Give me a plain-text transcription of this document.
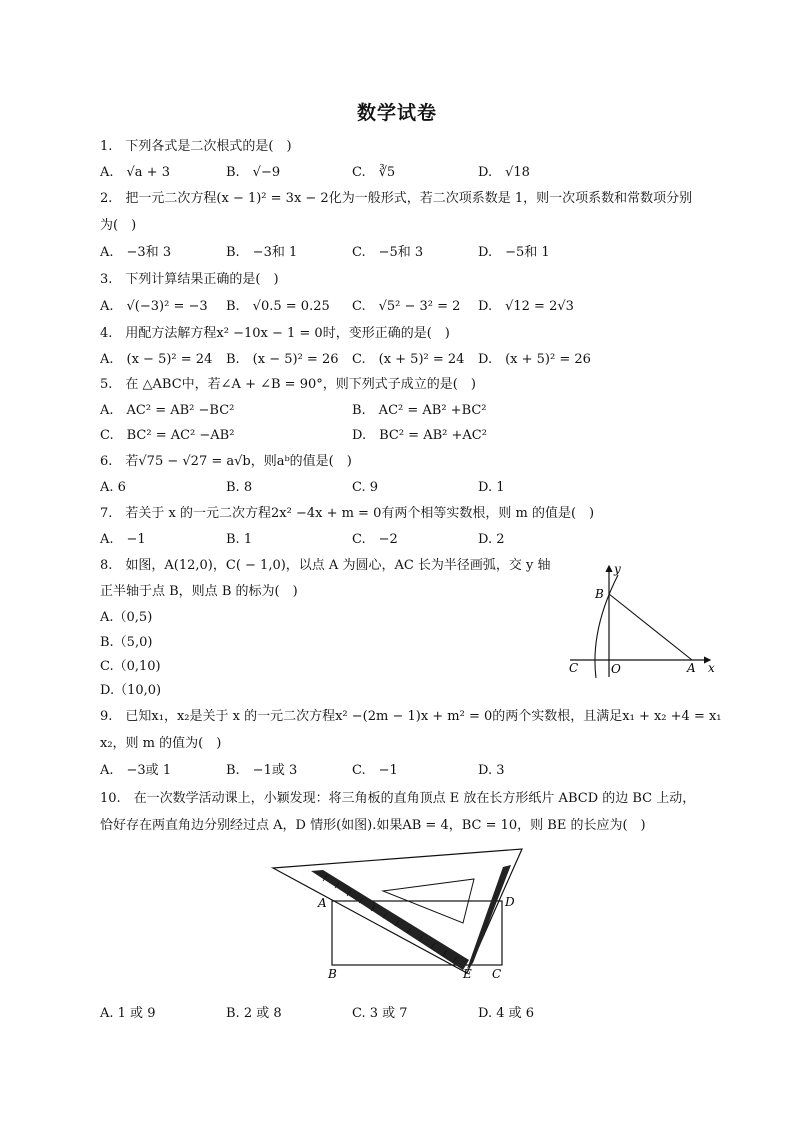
数学试卷
1.　下列各式是二次根式的是(　)
A.　√a + 3	B.　√−9	C.　∛5	D.　√18
2.　把一元二次方程(x − 1)² = 3x − 2化为一般形式，若二次项系数是 1，则一次项系数和常数项分别
为(　)
A.　−3和 3	B.　−3和 1	C.　−5和 3	D.　−5和 1
3.　下列计算结果正确的是(　)
A.　√(−3)² = −3 B.　√0.5 = 0.25 C.　√5² − 3² = 2 D.　√12 = 2√3
4.　用配方法解方程x² −10x − 1 = 0时，变形正确的是(　)
A.　(x − 5)² = 24 B.　(x − 5)² = 26 C.　(x + 5)² = 24 D.　(x + 5)² = 26
5.　在 △ABC中，若∠A + ∠B = 90°，则下列式子成立的是(　)
A.　AC² = AB² −BC²	B.　AC² = AB² +BC²
C.　BC² = AC² −AB²	D.　BC² = AB² +AC²
6.　若√75 − √27 = a√b，则aᵇ的值是(　)
A. 6	B. 8	C. 9	D. 1
7.　若关于 x 的一元二次方程2x² −4x + m = 0有两个相等实数根，则 m 的值是(　)
A.　−1	B. 1	C.　−2	D. 2
8.　如图，A(12,0)，C( − 1,0)，以点 A 为圆心，AC 长为半径画弧，交 y 轴
正半轴于点 B，则点 B 的标为(　)
A.（0,5)
B.（5,0)
C.（0,10)
D.（10,0)
y
B
C	O	A x
9.　已知x₁，x₂是关于 x 的一元二次方程x² −(2m − 1)x + m² = 0的两个实数根，且满足x₁ + x₂ +4 = x₁
x₂，则 m 的值为(　)
A.　−3或 1	B.　−1或 3	C.　−1	D. 3
10.　在一次数学活动课上，小颖发现：将三角板的直角顶点 E 放在长方形纸片 ABCD 的边 BC 上动，
恰好存在两直角边分别经过点 A，D 情形(如图).如果AB = 4，BC = 10，则 BE 的长应为(　)
A	D
B	E C
A. 1 或 9	B. 2 或 8	C. 3 或 7	D. 4 或 6
